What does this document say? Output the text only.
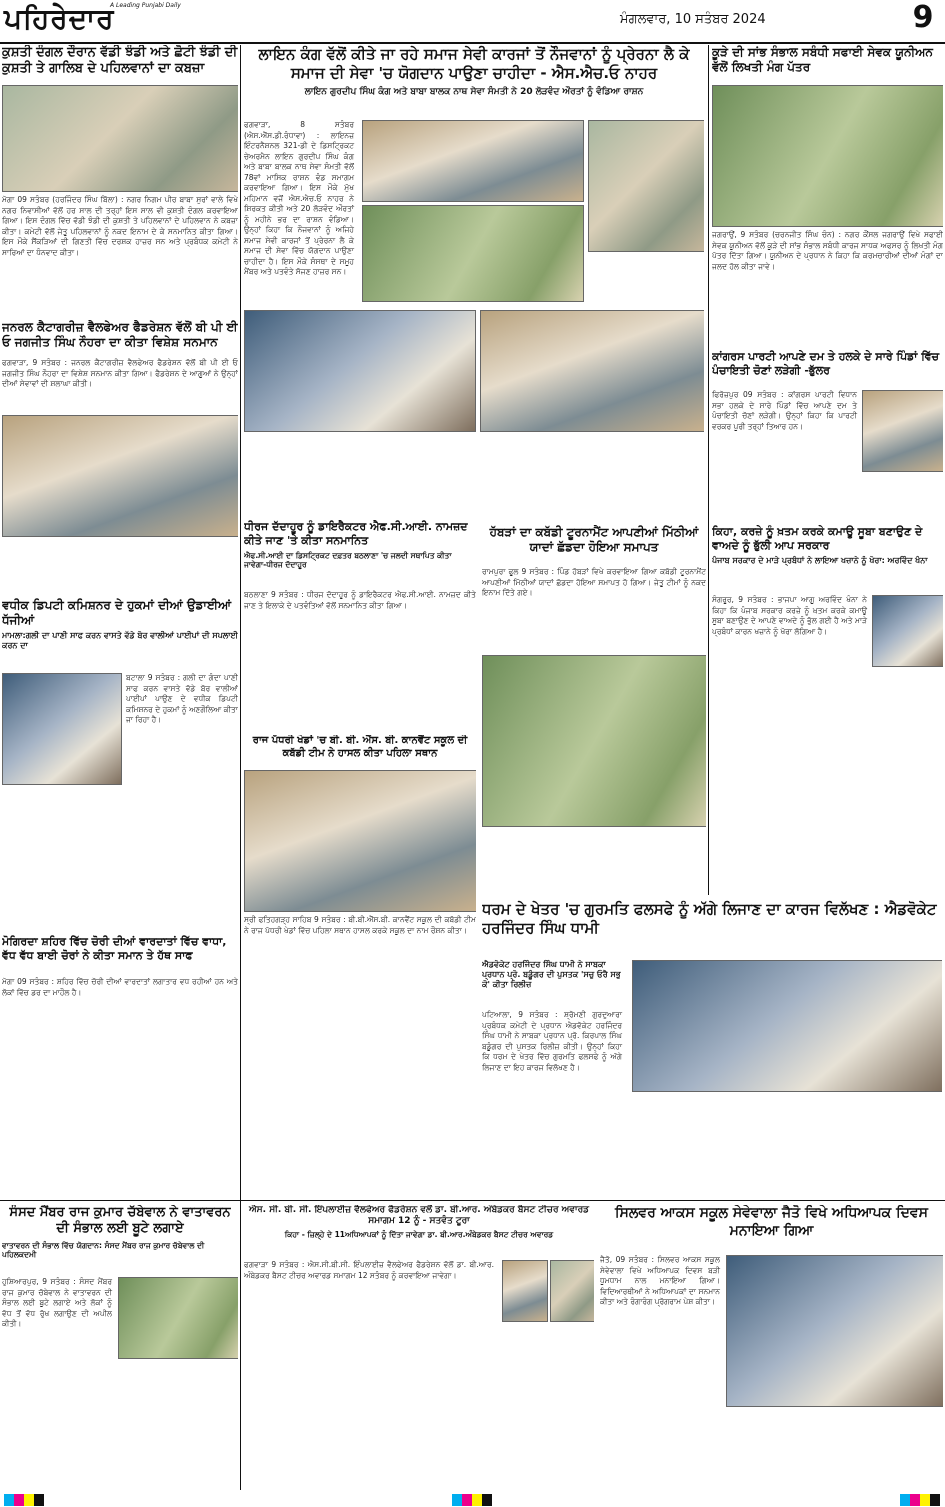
ਪਹਿਰੇਦਾਰ
A Leading Punjabi Daily
ਮੰਗਲਵਾਰ, 10 ਸਤੰਬਰ 2024	9
ਕੁਸ਼ਤੀ ਦੰਗਲ ਦੌਰਾਨ ਵੱਡੀ ਝੰਡੀ ਅਤੇ ਛੋਟੀ ਝੰਡੀ ਦੀ ਕੁਸ਼ਤੀ ਤੇ ਗਾਲਿਬ ਦੇ ਪਹਿਲਵਾਨਾਂ ਦਾ ਕਬਜ਼ਾ
ਮੋਗਾ 09 ਸਤੰਬਰ (ਹਰਜਿੰਦਰ ਸਿੰਘ ਬਿੱਲਾ) : ਨਗਰ ਨਿਗਮ ਪੀਰ ਬਾਬਾ ਸੁਰਾਂ ਵਾਲੇ ਵਿਖੇ ਨਗਰ ਨਿਵਾਸੀਆਂ ਵੱਲੋਂ ਹਰ ਸਾਲ ਦੀ ਤਰ੍ਹਾਂ ਇਸ ਸਾਲ ਵੀ ਕੁਸ਼ਤੀ ਦੰਗਲ ਕਰਵਾਇਆ ਗਿਆ। ਇਸ ਦੰਗਲ ਵਿੱਚ ਵੱਡੀ ਝੰਡੀ ਦੀ ਕੁਸ਼ਤੀ ਤੇ ਪਹਿਲਵਾਨਾਂ ਦੇ ਪਹਿਲਵਾਨ ਨੇ ਕਬਜ਼ਾ ਕੀਤਾ। ਕਮੇਟੀ ਵੱਲੋਂ ਜੇਤੂ ਪਹਿਲਵਾਨਾਂ ਨੂੰ ਨਕਦ ਇਨਾਮ ਦੇ ਕੇ ਸਨਮਾਨਿਤ ਕੀਤਾ ਗਿਆ। ਇਸ ਮੌਕੇ ਸੈਂਕੜਿਆਂ ਦੀ ਗਿਣਤੀ ਵਿੱਚ ਦਰਸ਼ਕ ਹਾਜ਼ਰ ਸਨ ਅਤੇ ਪ੍ਰਬੰਧਕ ਕਮੇਟੀ ਨੇ ਸਾਰਿਆਂ ਦਾ ਧੰਨਵਾਦ ਕੀਤਾ।
ਜਨਰਲ ਕੈਟਾਗਰੀਜ਼ ਵੈਲਫੇਅਰ ਫੈਡਰੇਸ਼ਨ ਵੱਲੋਂ ਬੀ ਪੀ ਈ ਓ ਜਗਜੀਤ ਸਿੰਘ ਨੌਹਰਾ ਦਾ ਕੀਤਾ ਵਿਸ਼ੇਸ਼ ਸਨਮਾਨ
ਫਗਵਾੜਾ, 9 ਸਤੰਬਰ : ਜਨਰਲ ਕੈਟਾਗਰੀਜ਼ ਵੈਲਫੇਅਰ ਫੈਡਰੇਸ਼ਨ ਵੱਲੋਂ ਬੀ ਪੀ ਈ ਓ ਜਗਜੀਤ ਸਿੰਘ ਨੌਹਰਾ ਦਾ ਵਿਸ਼ੇਸ਼ ਸਨਮਾਨ ਕੀਤਾ ਗਿਆ। ਫੈਡਰੇਸ਼ਨ ਦੇ ਆਗੂਆਂ ਨੇ ਉਨ੍ਹਾਂ ਦੀਆਂ ਸੇਵਾਵਾਂ ਦੀ ਸ਼ਲਾਘਾ ਕੀਤੀ।
ਵਧੀਕ ਡਿਪਟੀ ਕਮਿਸ਼ਨਰ ਦੇ ਹੁਕਮਾਂ ਦੀਆਂ ਉਡਾਈਆਂ ਧੱਜੀਆਂ
ਮਾਮਲਾ:ਗਲੀ ਦਾ ਪਾਣੀ ਸਾਫ ਕਰਨ ਵਾਸਤੇ ਵੱਡੇ ਬੋਰ ਵਾਲੀਆਂ ਪਾਈਪਾਂ ਦੀ ਸਪਲਾਈ ਕਰਨ ਦਾ
ਬਟਾਲਾ 9 ਸਤੰਬਰ : ਗਲੀ ਦਾ ਗੰਦਾ ਪਾਣੀ ਸਾਫ ਕਰਨ ਵਾਸਤੇ ਵੱਡੇ ਬੋਰ ਵਾਲੀਆਂ ਪਾਈਪਾਂ ਪਾਉਣ ਦੇ ਵਧੀਕ ਡਿਪਟੀ ਕਮਿਸ਼ਨਰ ਦੇ ਹੁਕਮਾਂ ਨੂੰ ਅਣਗੌਲਿਆ ਕੀਤਾ ਜਾ ਰਿਹਾ ਹੈ।
ਮੋਗਿਰਦਾ ਸ਼ਹਿਰ ਵਿੱਚ ਚੋਰੀ ਦੀਆਂ ਵਾਰਦਾਤਾਂ ਵਿੱਚ ਵਾਧਾ, ਵੱਧ ਵੱਧ ਬਾਈ ਚੋਰਾਂ ਨੇ ਕੀਤਾ ਸਮਾਨ ਤੇ ਹੱਥ ਸਾਫ
ਮੋਗਾ 09 ਸਤੰਬਰ : ਸ਼ਹਿਰ ਵਿੱਚ ਚੋਰੀ ਦੀਆਂ ਵਾਰਦਾਤਾਂ ਲਗਾਤਾਰ ਵਧ ਰਹੀਆਂ ਹਨ ਅਤੇ ਲੋਕਾਂ ਵਿੱਚ ਡਰ ਦਾ ਮਾਹੌਲ ਹੈ।
ਲਾਇਨ ਕੰਗ ਵੱਲੋਂ ਕੀਤੇ ਜਾ ਰਹੇ ਸਮਾਜ ਸੇਵੀ ਕਾਰਜਾਂ ਤੋਂ ਨੌਜਵਾਨਾਂ ਨੂੰ ਪ੍ਰੇਰਨਾ ਲੈ ਕੇ ਸਮਾਜ ਦੀ ਸੇਵਾ 'ਚ ਯੋਗਦਾਨ ਪਾਉਣਾ ਚਾਹੀਦਾ - ਐਸ.ਐਚ.ਓ ਨਾਹਰ
ਲਾਇਨ ਗੁਰਦੀਪ ਸਿੰਘ ਕੰਗ ਅਤੇ ਬਾਬਾ ਬਾਲਕ ਨਾਥ ਸੇਵਾ ਸੰਮਤੀ ਨੇ 20 ਲੋੜਵੰਦ ਔਰਤਾਂ ਨੂੰ ਵੰਡਿਆ ਰਾਸ਼ਨ
ਫਗਵਾੜਾ, 8 ਸਤੰਬਰ (ਐਸ.ਐੱਸ.ਡੀ.ਰੰਧਾਵਾ) : ਲਾਇਨਜ਼ ਇੰਟਰਨੈਸ਼ਨਲ 321-ਡੀ ਦੇ ਡਿਸਟ੍ਰਿਕਟ ਚੇਅਰਮੈਨ ਲਾਇਨ ਗੁਰਦੀਪ ਸਿੰਘ ਕੰਗ ਅਤੇ ਬਾਬਾ ਬਾਲਕ ਨਾਥ ਸੇਵਾ ਸੰਮਤੀ ਵੱਲੋਂ 78ਵਾਂ ਮਾਸਿਕ ਰਾਸ਼ਨ ਵੰਡ ਸਮਾਗਮ ਕਰਵਾਇਆ ਗਿਆ। ਇਸ ਮੌਕੇ ਮੁੱਖ ਮਹਿਮਾਨ ਵਜੋਂ ਐਸ.ਐਚ.ਓ ਨਾਹਰ ਨੇ ਸ਼ਿਰਕਤ ਕੀਤੀ ਅਤੇ 20 ਲੋੜਵੰਦ ਔਰਤਾਂ ਨੂੰ ਮਹੀਨੇ ਭਰ ਦਾ ਰਾਸ਼ਨ ਵੰਡਿਆ। ਉਨ੍ਹਾਂ ਕਿਹਾ ਕਿ ਨੌਜਵਾਨਾਂ ਨੂੰ ਅਜਿਹੇ ਸਮਾਜ ਸੇਵੀ ਕਾਰਜਾਂ ਤੋਂ ਪ੍ਰੇਰਨਾ ਲੈ ਕੇ ਸਮਾਜ ਦੀ ਸੇਵਾ ਵਿੱਚ ਯੋਗਦਾਨ ਪਾਉਣਾ ਚਾਹੀਦਾ ਹੈ। ਇਸ ਮੌਕੇ ਸੰਸਥਾ ਦੇ ਸਮੂਹ ਮੈਂਬਰ ਅਤੇ ਪਤਵੰਤੇ ਸੱਜਣ ਹਾਜ਼ਰ ਸਨ।
ਕੂੜੇ ਦੀ ਸਾਂਭ ਸੰਭਾਲ ਸਬੰਧੀ ਸਫਾਈ ਸੇਵਕ ਯੂਨੀਅਨ ਵੱਲੋਂ ਲਿਖਤੀ ਮੰਗ ਪੱਤਰ
ਜਗਰਾਉਂ, 9 ਸਤੰਬਰ (ਚਰਨਜੀਤ ਸਿੰਘ ਚੰਨ) : ਨਗਰ ਕੌਂਸਲ ਜਗਰਾਉਂ ਵਿਖੇ ਸਫਾਈ ਸੇਵਕ ਯੂਨੀਅਨ ਵੱਲੋਂ ਕੂੜੇ ਦੀ ਸਾਂਭ ਸੰਭਾਲ ਸਬੰਧੀ ਕਾਰਜ ਸਾਧਕ ਅਫਸਰ ਨੂੰ ਲਿਖਤੀ ਮੰਗ ਪੱਤਰ ਦਿੱਤਾ ਗਿਆ। ਯੂਨੀਅਨ ਦੇ ਪ੍ਰਧਾਨ ਨੇ ਕਿਹਾ ਕਿ ਕਰਮਚਾਰੀਆਂ ਦੀਆਂ ਮੰਗਾਂ ਦਾ ਜਲਦ ਹੱਲ ਕੀਤਾ ਜਾਵੇ।
ਕਾਂਗਰਸ ਪਾਰਟੀ ਆਪਣੇ ਦਮ ਤੇ ਹਲਕੇ ਦੇ ਸਾਰੇ ਪਿੰਡਾਂ ਵਿੱਚ ਪੰਚਾਇਤੀ ਚੋਣਾਂ ਲੜੇਗੀ -ਭੁੱਲਰ
ਫਿਰੋਜ਼ਪੁਰ 09 ਸਤੰਬਰ : ਕਾਂਗਰਸ ਪਾਰਟੀ ਵਿਧਾਨ ਸਭਾ ਹਲਕੇ ਦੇ ਸਾਰੇ ਪਿੰਡਾਂ ਵਿੱਚ ਆਪਣੇ ਦਮ ਤੇ ਪੰਚਾਇਤੀ ਚੋਣਾਂ ਲੜੇਗੀ। ਉਨ੍ਹਾਂ ਕਿਹਾ ਕਿ ਪਾਰਟੀ ਵਰਕਰ ਪੂਰੀ ਤਰ੍ਹਾਂ ਤਿਆਰ ਹਨ।
ਕਿਹਾ, ਕਰਜ਼ੇ ਨੂੰ ਖ਼ਤਮ ਕਰਕੇ ਕਮਾਊ ਸੂਬਾ ਬਣਾਉਣ ਦੇ ਵਾਅਦੇ ਨੂੰ ਭੁੱਲੀ ਆਪ ਸਰਕਾਰ
ਪੰਜਾਬ ਸਰਕਾਰ ਦੇ ਮਾੜੇ ਪ੍ਰਬੰਧਾਂ ਨੇ ਲਾਇਆ ਖਜ਼ਾਨੇ ਨੂੰ ਖੋਰਾ: ਅਰਵਿੰਦ ਖੰਨਾ
ਸੰਗਰੂਰ, 9 ਸਤੰਬਰ : ਭਾਜਪਾ ਆਗੂ ਅਰਵਿੰਦ ਖੰਨਾ ਨੇ ਕਿਹਾ ਕਿ ਪੰਜਾਬ ਸਰਕਾਰ ਕਰਜ਼ੇ ਨੂੰ ਖ਼ਤਮ ਕਰਕੇ ਕਮਾਊ ਸੂਬਾ ਬਣਾਉਣ ਦੇ ਆਪਣੇ ਵਾਅਦੇ ਨੂੰ ਭੁੱਲ ਗਈ ਹੈ ਅਤੇ ਮਾੜੇ ਪ੍ਰਬੰਧਾਂ ਕਾਰਨ ਖਜ਼ਾਨੇ ਨੂੰ ਖੋਰਾ ਲੱਗਿਆ ਹੈ।
ਧੀਰਜ ਦੱਦਾਹੂਰ ਨੂੰ ਡਾਇਰੈਕਟਰ ਐਫ.ਸੀ.ਆਈ. ਨਾਮਜ਼ਦ ਕੀਤੇ ਜਾਣ 'ਤੇ ਕੀਤਾ ਸਨਮਾਨਿਤ
ਐਫ.ਸੀ.ਆਈ ਦਾ ਡਿਸਟ੍ਰਿਕਟ ਦਫ਼ਤਰ ਬਠਲਾਣਾ 'ਚ ਜਲਦੀ ਸਥਾਪਿਤ ਕੀਤਾ ਜਾਵੇਗਾ-ਧੀਰਜ ਦੱਦਾਹੂਰ
ਬਠਲਾਣਾ 9 ਸਤੰਬਰ : ਧੀਰਜ ਦੱਦਾਹੂਰ ਨੂੰ ਡਾਇਰੈਕਟਰ ਐਫ.ਸੀ.ਆਈ. ਨਾਮਜ਼ਦ ਕੀਤੇ ਜਾਣ ਤੇ ਇਲਾਕੇ ਦੇ ਪਤਵੰਤਿਆਂ ਵੱਲੋਂ ਸਨਮਾਨਿਤ ਕੀਤਾ ਗਿਆ।
ਰਾਜ ਪੱਧਰੀ ਖੇਡਾਂ 'ਚ ਬੀ. ਬੀ. ਐੱਸ. ਬੀ. ਕਾਨਵੈਂਟ ਸਕੂਲ ਦੀ ਕਬੱਡੀ ਟੀਮ ਨੇ ਹਾਸਲ ਕੀਤਾ ਪਹਿਲਾ ਸਥਾਨ
ਸ੍ਰੀ ਫਤਿਹਗੜ੍ਹ ਸਾਹਿਬ 9 ਸਤੰਬਰ : ਬੀ.ਬੀ.ਐੱਸ.ਬੀ. ਕਾਨਵੈਂਟ ਸਕੂਲ ਦੀ ਕਬੱਡੀ ਟੀਮ ਨੇ ਰਾਜ ਪੱਧਰੀ ਖੇਡਾਂ ਵਿੱਚ ਪਹਿਲਾ ਸਥਾਨ ਹਾਸਲ ਕਰਕੇ ਸਕੂਲ ਦਾ ਨਾਮ ਰੌਸ਼ਨ ਕੀਤਾ।
ਹੱਬੜਾਂ ਦਾ ਕਬੱਡੀ ਟੂਰਨਾਮੈਂਟ ਆਪਣੀਆਂ ਮਿੱਠੀਆਂ ਯਾਦਾਂ ਛੱਡਦਾ ਹੋਇਆ ਸਮਾਪਤ
ਰਾਮਪੁਰਾ ਫੂਲ 9 ਸਤੰਬਰ : ਪਿੰਡ ਹੱਬੜਾਂ ਵਿਖੇ ਕਰਵਾਇਆ ਗਿਆ ਕਬੱਡੀ ਟੂਰਨਾਮੈਂਟ ਆਪਣੀਆਂ ਮਿੱਠੀਆਂ ਯਾਦਾਂ ਛੱਡਦਾ ਹੋਇਆ ਸਮਾਪਤ ਹੋ ਗਿਆ। ਜੇਤੂ ਟੀਮਾਂ ਨੂੰ ਨਕਦ ਇਨਾਮ ਦਿੱਤੇ ਗਏ।
ਧਰਮ ਦੇ ਖੇਤਰ 'ਚ ਗੁਰਮਤਿ ਫਲਸਫੇ ਨੂੰ ਅੱਗੇ ਲਿਜਾਣ ਦਾ ਕਾਰਜ ਵਿਲੱਖਣ : ਐਡਵੋਕੇਟ ਹਰਜਿੰਦਰ ਸਿੰਘ ਧਾਮੀ
ਐਡਵੋਕੇਟ ਹਰਜਿੰਦਰ ਸਿੰਘ ਧਾਮੀ ਨੇ ਸਾਬਕਾ ਪ੍ਰਧਾਨ ਪ੍ਰੋ. ਬਡੂੰਗਰ ਦੀ ਪੁਸਤਕ 'ਸਚੁ ਓਰੈ ਸਭੁ ਕੋ' ਕੀਤਾ ਰਿਲੀਜ਼
ਪਟਿਆਲਾ, 9 ਸਤੰਬਰ : ਸ਼੍ਰੋਮਣੀ ਗੁਰਦੁਆਰਾ ਪ੍ਰਬੰਧਕ ਕਮੇਟੀ ਦੇ ਪ੍ਰਧਾਨ ਐਡਵੋਕੇਟ ਹਰਜਿੰਦਰ ਸਿੰਘ ਧਾਮੀ ਨੇ ਸਾਬਕਾ ਪ੍ਰਧਾਨ ਪ੍ਰੋ. ਕਿਰਪਾਲ ਸਿੰਘ ਬਡੂੰਗਰ ਦੀ ਪੁਸਤਕ ਰਿਲੀਜ਼ ਕੀਤੀ। ਉਨ੍ਹਾਂ ਕਿਹਾ ਕਿ ਧਰਮ ਦੇ ਖੇਤਰ ਵਿੱਚ ਗੁਰਮਤਿ ਫਲਸਫੇ ਨੂੰ ਅੱਗੇ ਲਿਜਾਣ ਦਾ ਇਹ ਕਾਰਜ ਵਿਲੱਖਣ ਹੈ।
ਸੰਸਦ ਮੈਂਬਰ ਰਾਜ ਕੁਮਾਰ ਚੱਬੇਵਾਲ ਨੇ ਵਾਤਾਵਰਨ ਦੀ ਸੰਭਾਲ ਲਈ ਬੂਟੇ ਲਗਾਏ
ਵਾਤਾਵਰਨ ਦੀ ਸੰਭਾਲ ਵਿੱਚ ਯੋਗਦਾਨ: ਸੰਸਦ ਮੈਂਬਰ ਰਾਜ ਕੁਮਾਰ ਚੱਬੇਵਾਲ ਦੀ ਪਹਿਲਕਦਮੀ
ਹੁਸ਼ਿਆਰਪੁਰ, 9 ਸਤੰਬਰ : ਸੰਸਦ ਮੈਂਬਰ ਰਾਜ ਕੁਮਾਰ ਚੱਬੇਵਾਲ ਨੇ ਵਾਤਾਵਰਨ ਦੀ ਸੰਭਾਲ ਲਈ ਬੂਟੇ ਲਗਾਏ ਅਤੇ ਲੋਕਾਂ ਨੂੰ ਵੱਧ ਤੋਂ ਵੱਧ ਰੁੱਖ ਲਗਾਉਣ ਦੀ ਅਪੀਲ ਕੀਤੀ।
ਐਸ. ਸੀ. ਬੀ. ਸੀ. ਇੰਪਲਾਈਜ਼ ਵੈਲਫੇਅਰ ਫੈਡਰੇਸ਼ਨ ਵਲੋਂ ਡਾ. ਬੀ.ਆਰ. ਅੰਬੇਡਕਰ ਬੈਸਟ ਟੀਚਰ ਅਵਾਰਡ ਸਮਾਗਮ 12 ਨੂੰ - ਸਤਵੰਤ ਟੂਰਾ
ਕਿਹਾ - ਜ਼ਿਲ੍ਹੇ ਦੇ 11ਅਧਿਆਪਕਾਂ ਨੂੰ ਦਿੱਤਾ ਜਾਵੇਗਾ ਡਾ. ਬੀ.ਆਰ.ਅੰਬੇਡਕਰ ਬੈਸਟ ਟੀਚਰ ਅਵਾਰਡ
ਫਗਵਾੜਾ 9 ਸਤੰਬਰ : ਐਸ.ਸੀ.ਬੀ.ਸੀ. ਇੰਪਲਾਈਜ਼ ਵੈਲਫੇਅਰ ਫੈਡਰੇਸ਼ਨ ਵੱਲੋਂ ਡਾ. ਬੀ.ਆਰ. ਅੰਬੇਡਕਰ ਬੈਸਟ ਟੀਚਰ ਅਵਾਰਡ ਸਮਾਗਮ 12 ਸਤੰਬਰ ਨੂੰ ਕਰਵਾਇਆ ਜਾਵੇਗਾ।
ਸਿਲਵਰ ਆਕਸ ਸਕੂਲ ਸੇਵੇਵਾਲਾ ਜੈਤੋ ਵਿਖੇ ਅਧਿਆਪਕ ਦਿਵਸ ਮਨਾਇਆ ਗਿਆ
ਜੈਤੋ, 09 ਸਤੰਬਰ : ਸਿਲਵਰ ਆਕਸ ਸਕੂਲ ਸੇਵੇਵਾਲਾ ਵਿਖੇ ਅਧਿਆਪਕ ਦਿਵਸ ਬੜੀ ਧੂਮਧਾਮ ਨਾਲ ਮਨਾਇਆ ਗਿਆ। ਵਿਦਿਆਰਥੀਆਂ ਨੇ ਅਧਿਆਪਕਾਂ ਦਾ ਸਨਮਾਨ ਕੀਤਾ ਅਤੇ ਰੰਗਾਰੰਗ ਪ੍ਰੋਗਰਾਮ ਪੇਸ਼ ਕੀਤਾ।
